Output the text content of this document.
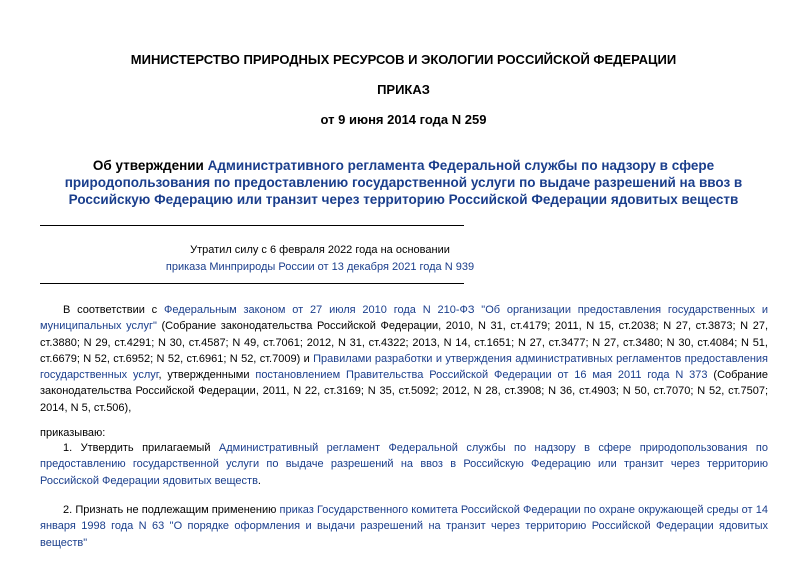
МИНИСТЕРСТВО ПРИРОДНЫХ РЕСУРСОВ И ЭКОЛОГИИ РОССИЙСКОЙ ФЕДЕРАЦИИ
ПРИКАЗ
от 9 июня 2014 года N 259
Об утверждении Административного регламента Федеральной службы по надзору в сфере природопользования по предоставлению государственной услуги по выдаче разрешений на ввоз в Российскую Федерацию или транзит через территорию Российской Федерации ядовитых веществ
Утратил силу с 6 февраля 2022 года на основании
приказа Минприроды России от 13 декабря 2021 года N 939
В соответствии с Федеральным законом от 27 июля 2010 года N 210-ФЗ "Об организации предоставления государственных и муниципальных услуг" (Собрание законодательства Российской Федерации, 2010, N 31, ст.4179; 2011, N 15, ст.2038; N 27, ст.3873; N 27, ст.3880; N 29, ст.4291; N 30, ст.4587; N 49, ст.7061; 2012, N 31, ст.4322; 2013, N 14, ст.1651; N 27, ст.3477; N 27, ст.3480; N 30, ст.4084; N 51, ст.6679; N 52, ст.6952; N 52, ст.6961; N 52, ст.7009) и Правилами разработки и утверждения административных регламентов предоставления государственных услуг, утвержденными постановлением Правительства Российской Федерации от 16 мая 2011 года N 373 (Собрание законодательства Российской Федерации, 2011, N 22, ст.3169; N 35, ст.5092; 2012, N 28, ст.3908; N 36, ст.4903; N 50, ст.7070; N 52, ст.7507; 2014, N 5, ст.506),
приказываю:
1. Утвердить прилагаемый Административный регламент Федеральной службы по надзору в сфере природопользования по предоставлению государственной услуги по выдаче разрешений на ввоз в Российскую Федерацию или транзит через территорию Российской Федерации ядовитых веществ.
2. Признать не подлежащим применению приказ Государственного комитета Российской Федерации по охране окружающей среды от 14 января 1998 года N 63 "О порядке оформления и выдачи разрешений на транзит через территорию Российской Федерации ядовитых веществ"
